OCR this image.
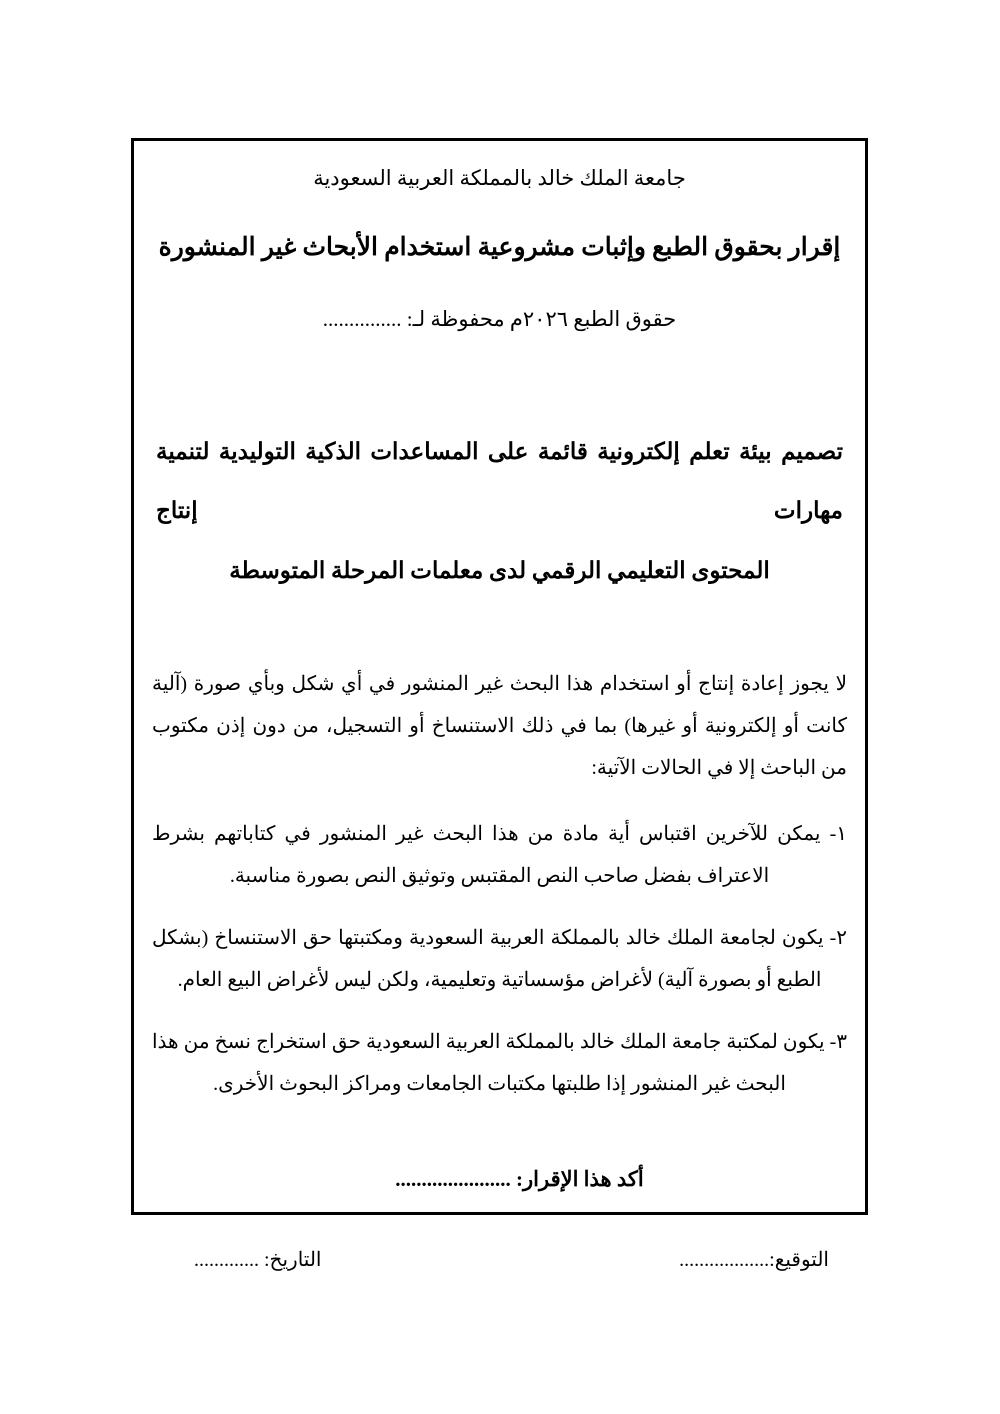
جامعة الملك خالد بالمملكة العربية السعودية
إقرار بحقوق الطبع وإثبات مشروعية استخدام الأبحاث غير المنشورة
حقوق الطبع ٢٠٢٦م محفوظة لـ: ...............
تصميم بيئة تعلم إلكترونية قائمة على المساعدات الذكية التوليدية لتنمية مهارات إنتاج
المحتوى التعليمي الرقمي لدى معلمات المرحلة المتوسطة
لا يجوز إعادة إنتاج أو استخدام هذا البحث غير المنشور في أي شكل وبأي صورة (آلية كانت أو إلكترونية أو غيرها) بما في ذلك الاستنساخ أو التسجيل، من دون إذن مكتوب من الباحث إلا في الحالات الآتية:
١- يمكن للآخرين اقتباس أية مادة من هذا البحث غير المنشور في كتاباتهم بشرط الاعتراف بفضل صاحب النص المقتبس وتوثيق النص بصورة مناسبة.
٢- يكون لجامعة الملك خالد بالمملكة العربية السعودية ومكتبتها حق الاستنساخ (بشكل الطبع أو بصورة آلية) لأغراض مؤسساتية وتعليمية، ولكن ليس لأغراض البيع العام.
٣- يكون لمكتبة جامعة الملك خالد بالمملكة العربية السعودية حق استخراج نسخ من هذا البحث غير المنشور إذا طلبتها مكتبات الجامعات ومراكز البحوث الأخرى.
أكد هذا الإقرار: ......................
التوقيع:..................
التاريخ: .............
